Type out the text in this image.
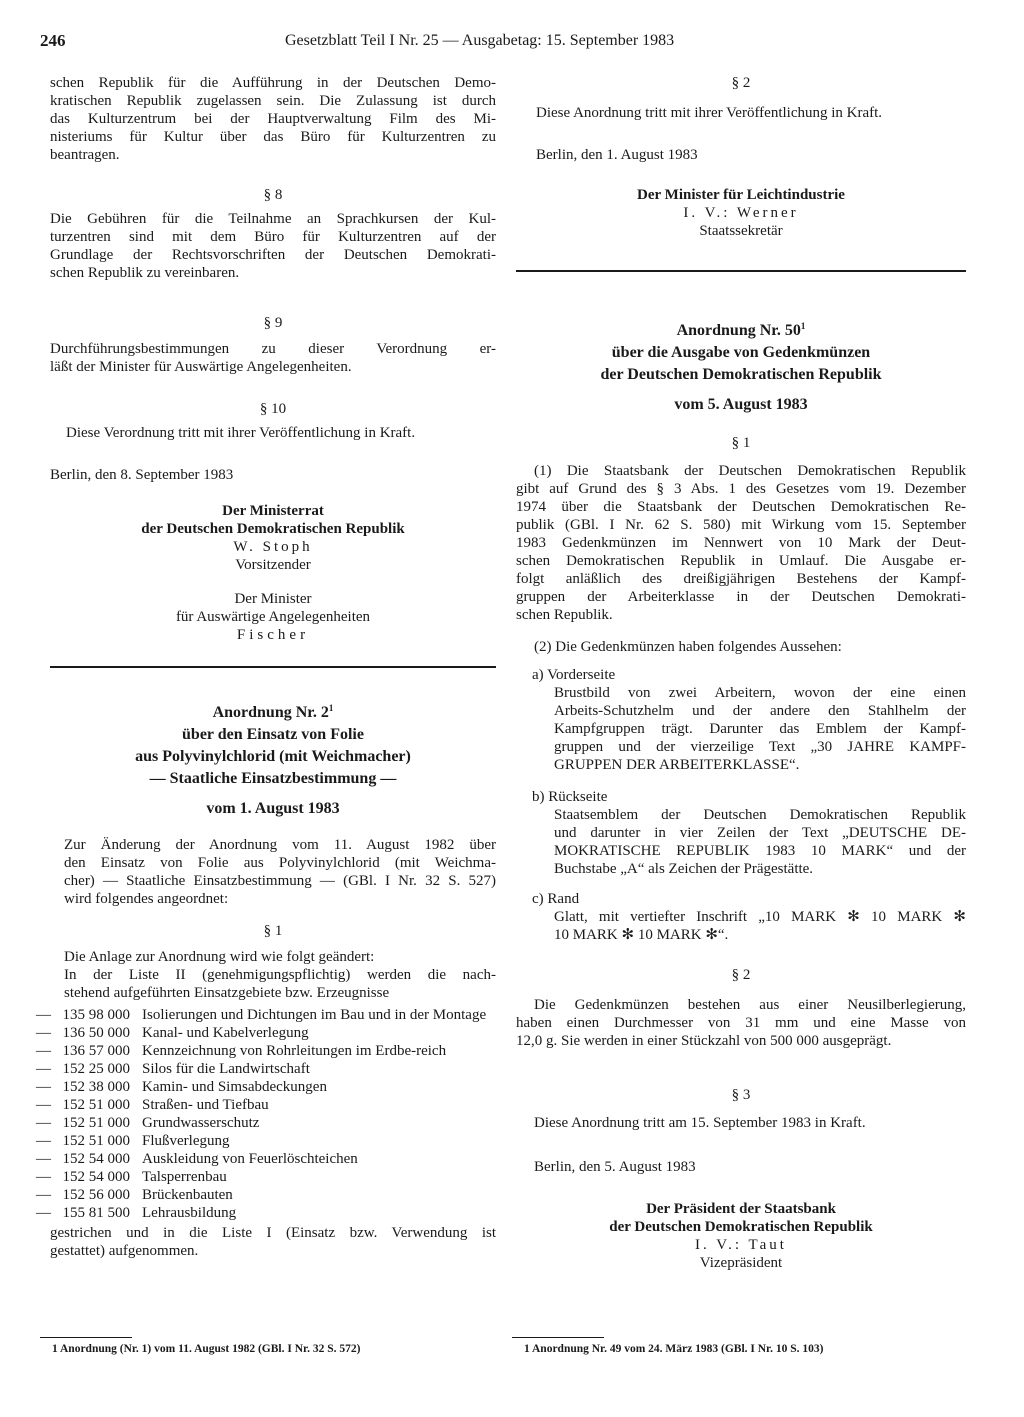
246	Gesetzblatt Teil I Nr. 25 — Ausgabetag: 15. September 1983

schen Republik für die Aufführung in der Deutschen Demo-

kratischen Republik zugelassen sein. Die Zulassung ist durch

das Kulturzentrum bei der Hauptverwaltung Film des Mi-

nisteriums für Kultur über das Büro für Kulturzentren zu

beantragen.

§ 8

Die Gebühren für die Teilnahme an Sprachkursen der Kul-

turzentren sind mit dem Büro für Kulturzentren auf der

Grundlage der Rechtsvorschriften der Deutschen Demokrati-

schen Republik zu vereinbaren.

§ 9

Durchführungsbestimmungen zu dieser Verordnung er-

läßt der Minister für Auswärtige Angelegenheiten.

§ 10

Diese Verordnung tritt mit ihrer Veröffentlichung in Kraft.

Berlin, den 8. September 1983

Der Ministerrat

der Deutschen Demokratischen Republik

W. Stoph

Vorsitzender

Der Minister

für Auswärtige Angelegenheiten

Fischer

Anordnung Nr. $2^1$

über den Einsatz von Folie

aus Polyvinylchlorid (mit Weichmacher)

— Staatliche Einsatzbestimmung —

vom 1. August 1983

Zur Änderung der Anordnung vom 11. August 1982 über

den Einsatz von Folie aus Polyvinylchlorid (mit Weichma-

cher) — Staatliche Einsatzbestimmung — (GBl. I Nr. 32 S. 527)

wird folgendes angeordnet:

§ 1

Die Anlage zur Anordnung wird wie folgt geändert:

In der Liste II (genehmigungspflichtig) werden die nach-

stehend aufgeführten Einsatzgebiete bzw. Erzeugnisse

— 135 98 000 Isolierungen und Dichtungen im Bau und in der Montage
— 136 50 000 Kanal- und Kabelverlegung
— 136 57 000 Kennzeichnung von Rohrleitungen im Erdbe-reich
— 152 25 000 Silos für die Landwirtschaft
— 152 38 000 Kamin- und Simsabdeckungen
— 152 51 000 Straßen- und Tiefbau
— 152 51 000 Grundwasserschutz
— 152 51 000 Flußverlegung
— 152 54 000 Auskleidung von Feuerlöschteichen
— 152 54 000 Talsperrenbau
— 152 56 000 Brückenbauten
— 155 81 500 Lehrausbildung

gestrichen und in die Liste I (Einsatz bzw. Verwendung ist

gestattet) aufgenommen.

1 Anordnung (Nr. 1) vom 11. August 1982 (GBl. I Nr. 32 S. 572)

§ 2

Diese Anordnung tritt mit ihrer Veröffentlichung in Kraft.

Berlin, den 1. August 1983

Der Minister für Leichtindustrie

I. V.: Werner

Staatssekretär

Anordnung Nr. $50^1$

über die Ausgabe von Gedenkmünzen

der Deutschen Demokratischen Republik

vom 5. August 1983

§ 1

(1) Die Staatsbank der Deutschen Demokratischen Republik

gibt auf Grund des § 3 Abs. 1 des Gesetzes vom 19. Dezember

1974 über die Staatsbank der Deutschen Demokratischen Re-

publik (GBl. I Nr. 62 S. 580) mit Wirkung vom 15. September

1983 Gedenkmünzen im Nennwert von 10 Mark der Deut-

schen Demokratischen Republik in Umlauf. Die Ausgabe er-

folgt anläßlich des dreißigjährigen Bestehens der Kampf-

gruppen der Arbeiterklasse in der Deutschen Demokrati-

schen Republik.

(2) Die Gedenkmünzen haben folgendes Aussehen:

a) Vorderseite

Brustbild von zwei Arbeitern, wovon der eine einen

Arbeits-Schutzhelm und der andere den Stahlhelm der

Kampfgruppen trägt. Darunter das Emblem der Kampf-

gruppen und der vierzeilige Text „30 JAHRE KAMPF-

GRUPPEN DER ARBEITERKLASSE“.

b) Rückseite

Staatsemblem der Deutschen Demokratischen Republik

und darunter in vier Zeilen der Text „DEUTSCHE DE-

MOKRATISCHE REPUBLIK 1983 10 MARK“ und der

Buchstabe „A“ als Zeichen der Prägestätte.

c) Rand

Glatt, mit vertiefter Inschrift „10 MARK ✻ 10 MARK ✻

10 MARK ✻ 10 MARK ✻“.

§ 2

Die Gedenkmünzen bestehen aus einer Neusilberlegierung,

haben einen Durchmesser von 31 mm und eine Masse von

12,0 g. Sie werden in einer Stückzahl von 500 000 ausgeprägt.

§ 3

Diese Anordnung tritt am 15. September 1983 in Kraft.

Berlin, den 5. August 1983

Der Präsident der Staatsbank

der Deutschen Demokratischen Republik

I. V.: Taut

Vizepräsident

1 Anordnung Nr. 49 vom 24. März 1983 (GBl. I Nr. 10 S. 103)
